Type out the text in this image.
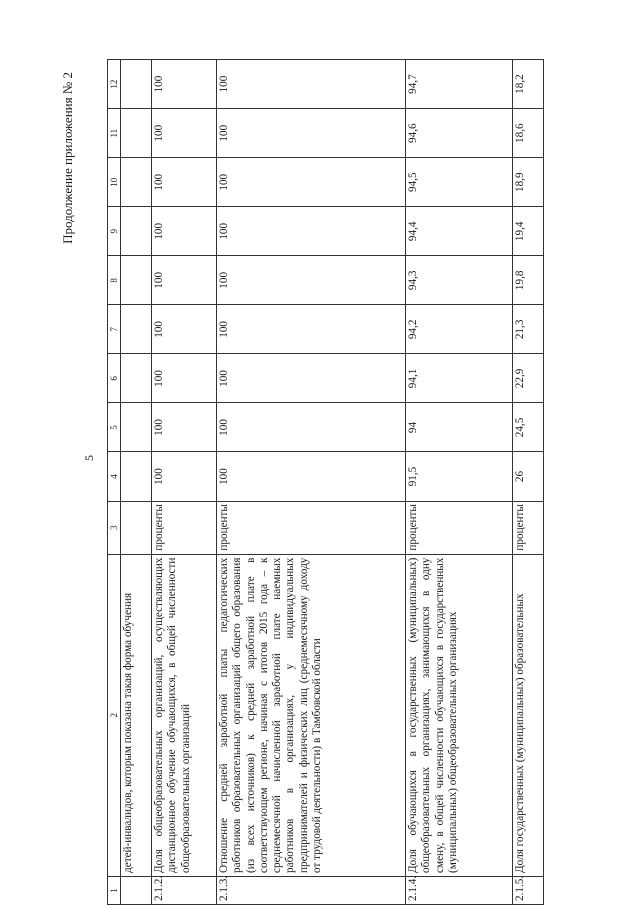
5
Продолжение приложения № 2
1	2	3	4	5	6	7	8	9	10	11	12
	детей-инвалидов, которым показана такая форма обучения										
2.1.2.	Доля общеобразовательных организаций, осуществляющих дистанционное обучение обучающихся, в общей численности общеобразовательных организаций	проценты	100	100	100	100	100	100	100	100	100
2.1.3.	Отношение средней заработной платы педагогических работников образовательных организаций общего образования (из всех источников) к средней заработной плате в соответствующем регионе, начиная с итогов 2015 года – к среднемесячной начисленной заработной плате наемных работников в организациях, у индивидуальных предпринимателей и физических лиц (среднемесячному доходу от трудовой деятельности) в Тамбовской области	проценты	100	100	100	100	100	100	100	100	100
2.1.4.	Доля обучающихся в государственных (муниципальных) общеобразовательных организациях, занимающихся в одну смену, в общей численности обучающихся в государственных (муниципальных) общеобразовательных организациях	проценты	91,5	94	94,1	94,2	94,3	94,4	94,5	94,6	94,7
2.1.5.	Доля государственных (муниципальных) образовательных	проценты	26	24,5	22,9	21,3	19,8	19,4	18,9	18,6	18,2
